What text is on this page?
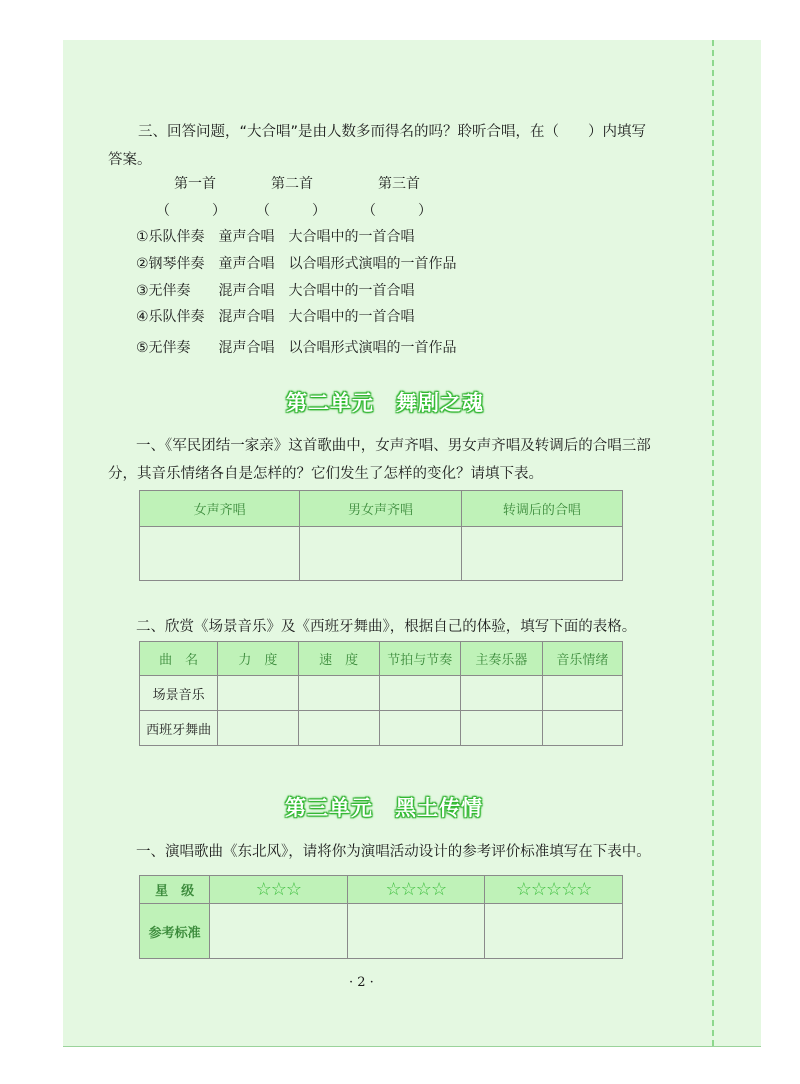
三、回答问题，“大合唱”是由人数多而得名的吗？聆听合唱，在（　　）内填写
答案。
第一首	第二首	第三首
（　　　） （　　　）	（　　　）
①乐队伴奏　童声合唱　大合唱中的一首合唱
②钢琴伴奏　童声合唱　以合唱形式演唱的一首作品
③无伴奏　　混声合唱　大合唱中的一首合唱
④乐队伴奏　混声合唱　大合唱中的一首合唱
⑤无伴奏　　混声合唱　以合唱形式演唱的一首作品
第二单元　舞剧之魂
一、《军民团结一家亲》这首歌曲中，女声齐唱、男女声齐唱及转调后的合唱三部
分，其音乐情绪各自是怎样的？它们发生了怎样的变化？请填下表。
女声齐唱	男女声齐唱	转调后的合唱

二、欣赏《场景音乐》及《西班牙舞曲》，根据自己的体验，填写下面的表格。
曲　名	力　度	速　度	节拍与节奏	主奏乐器	音乐情绪
场景音乐					
西班牙舞曲					
第三单元　黑土传情
一、演唱歌曲《东北风》，请将你为演唱活动设计的参考评价标准填写在下表中。
星　级	☆☆☆	☆☆☆☆	☆☆☆☆☆
参考标准			
· 2 ·
